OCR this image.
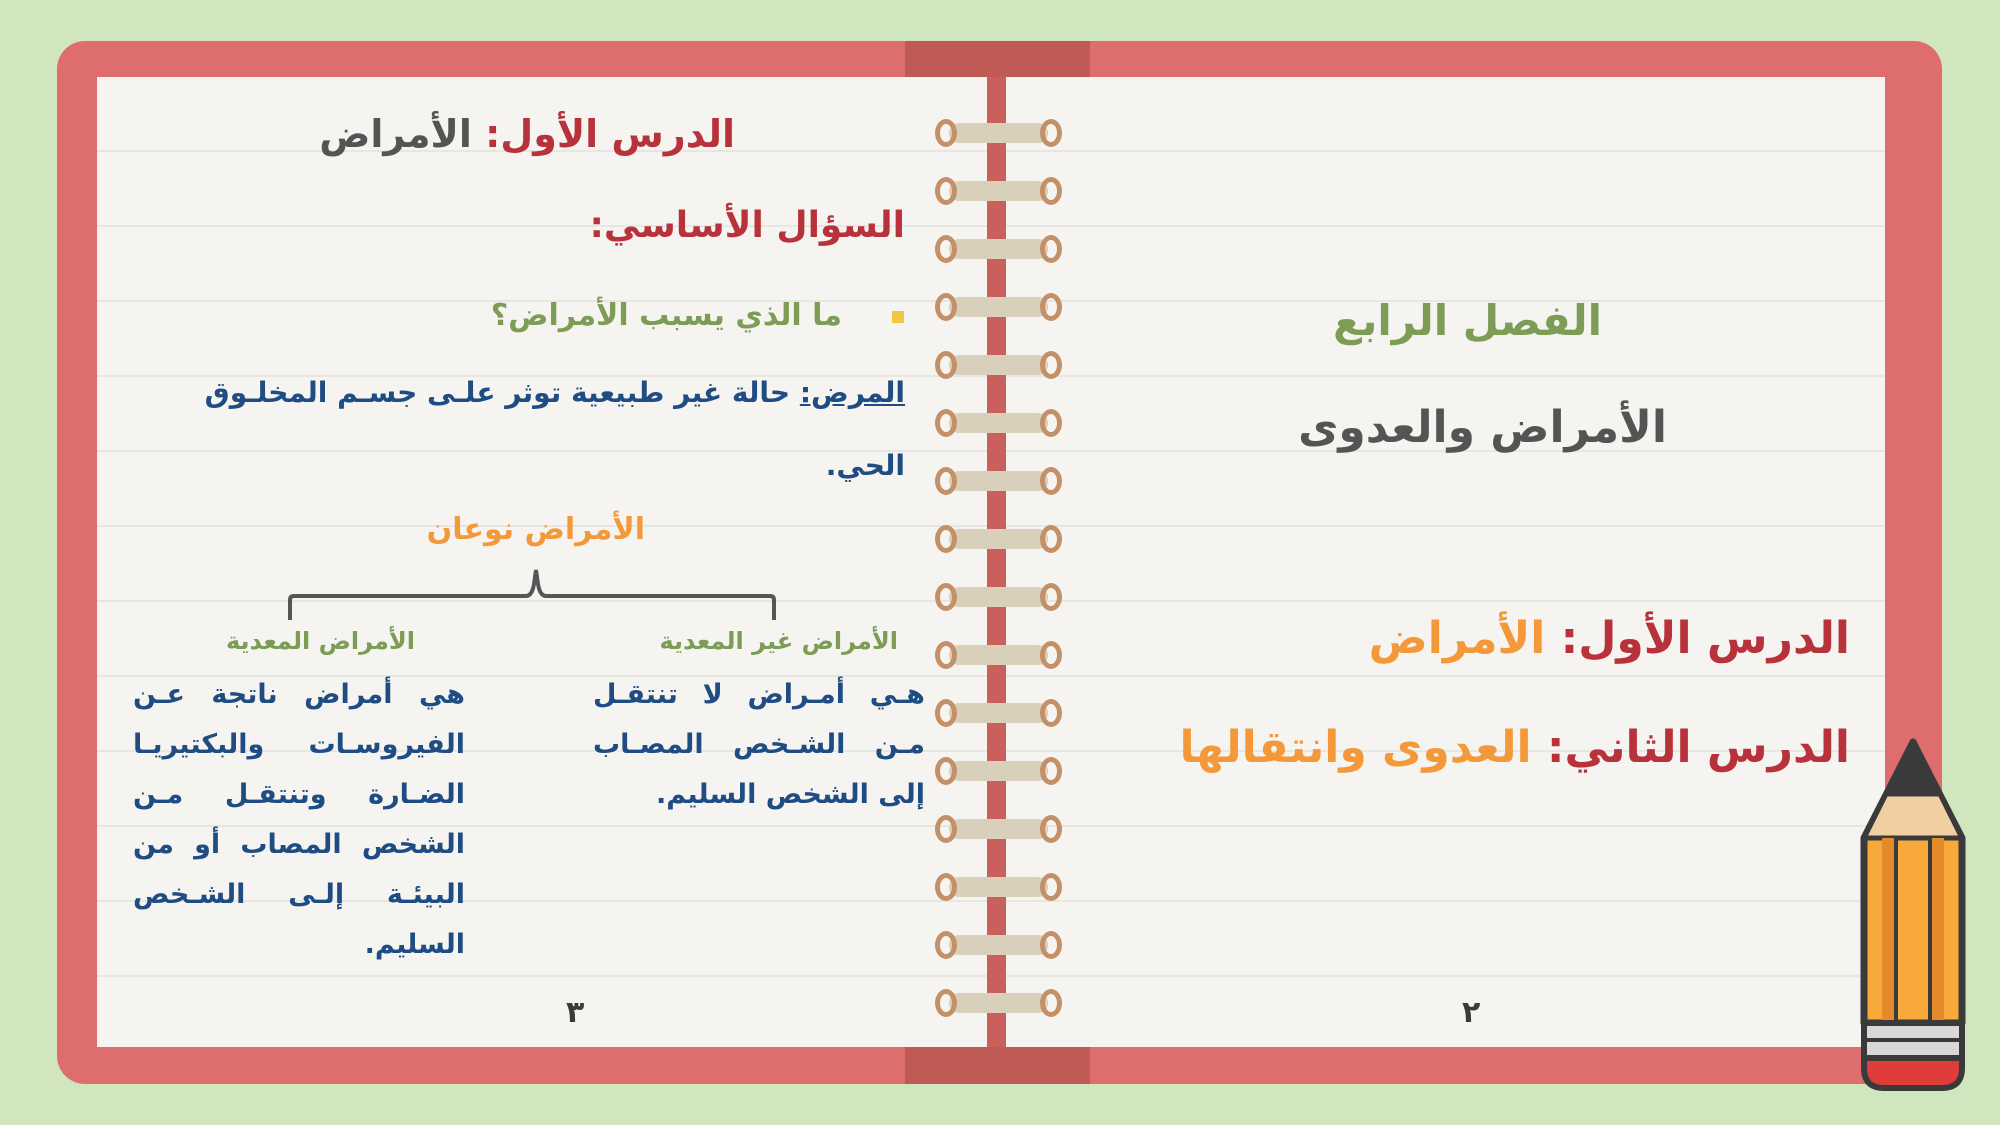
الدرس الأول: الأمراض
السؤال الأساسي:
ما الذي يسبب الأمراض؟
المرض: حالة غير طبيعية توثر علـى جسـم المخلـوق
الحي.
الأمراض نوعان
الأمراض غير المعدية
الأمراض المعدية
هـي أمـراض لا تنتقـل مـن الشـخص المصـاب إلى الشخص السليم.
هي أمراض ناتجة عـن الفيروسـات والبكتيريـا الضـارة وتنتقـل مـن الشخص المصاب أو من البيئـة إلـى الشـخص السليم.
٣
الفصل الرابع
الأمراض والعدوى
الدرس الأول: الأمراض
الدرس الثاني: العدوى وانتقالها
٢
